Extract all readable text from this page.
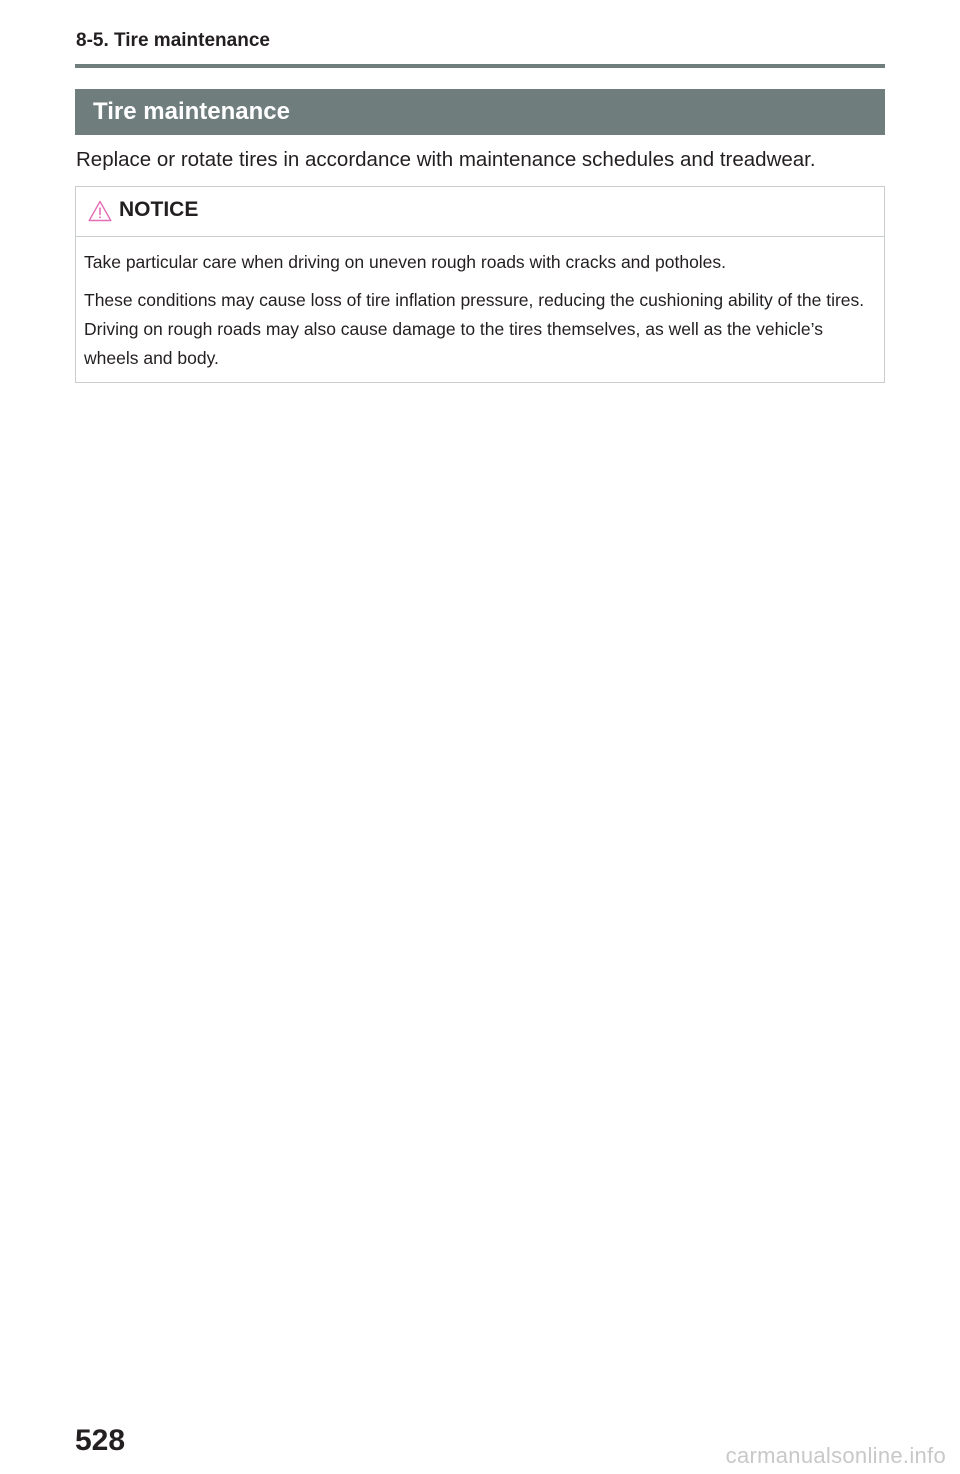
8-5. Tire maintenance
Tire maintenance
Replace or rotate tires in accordance with maintenance schedules and treadwear.
NOTICE

Take particular care when driving on uneven rough roads with cracks and potholes.

These conditions may cause loss of tire inflation pressure, reducing the cushioning ability of the tires. Driving on rough roads may also cause damage to the tires themselves, as well as the vehicle’s wheels and body.

528	carmanualsonline.info
